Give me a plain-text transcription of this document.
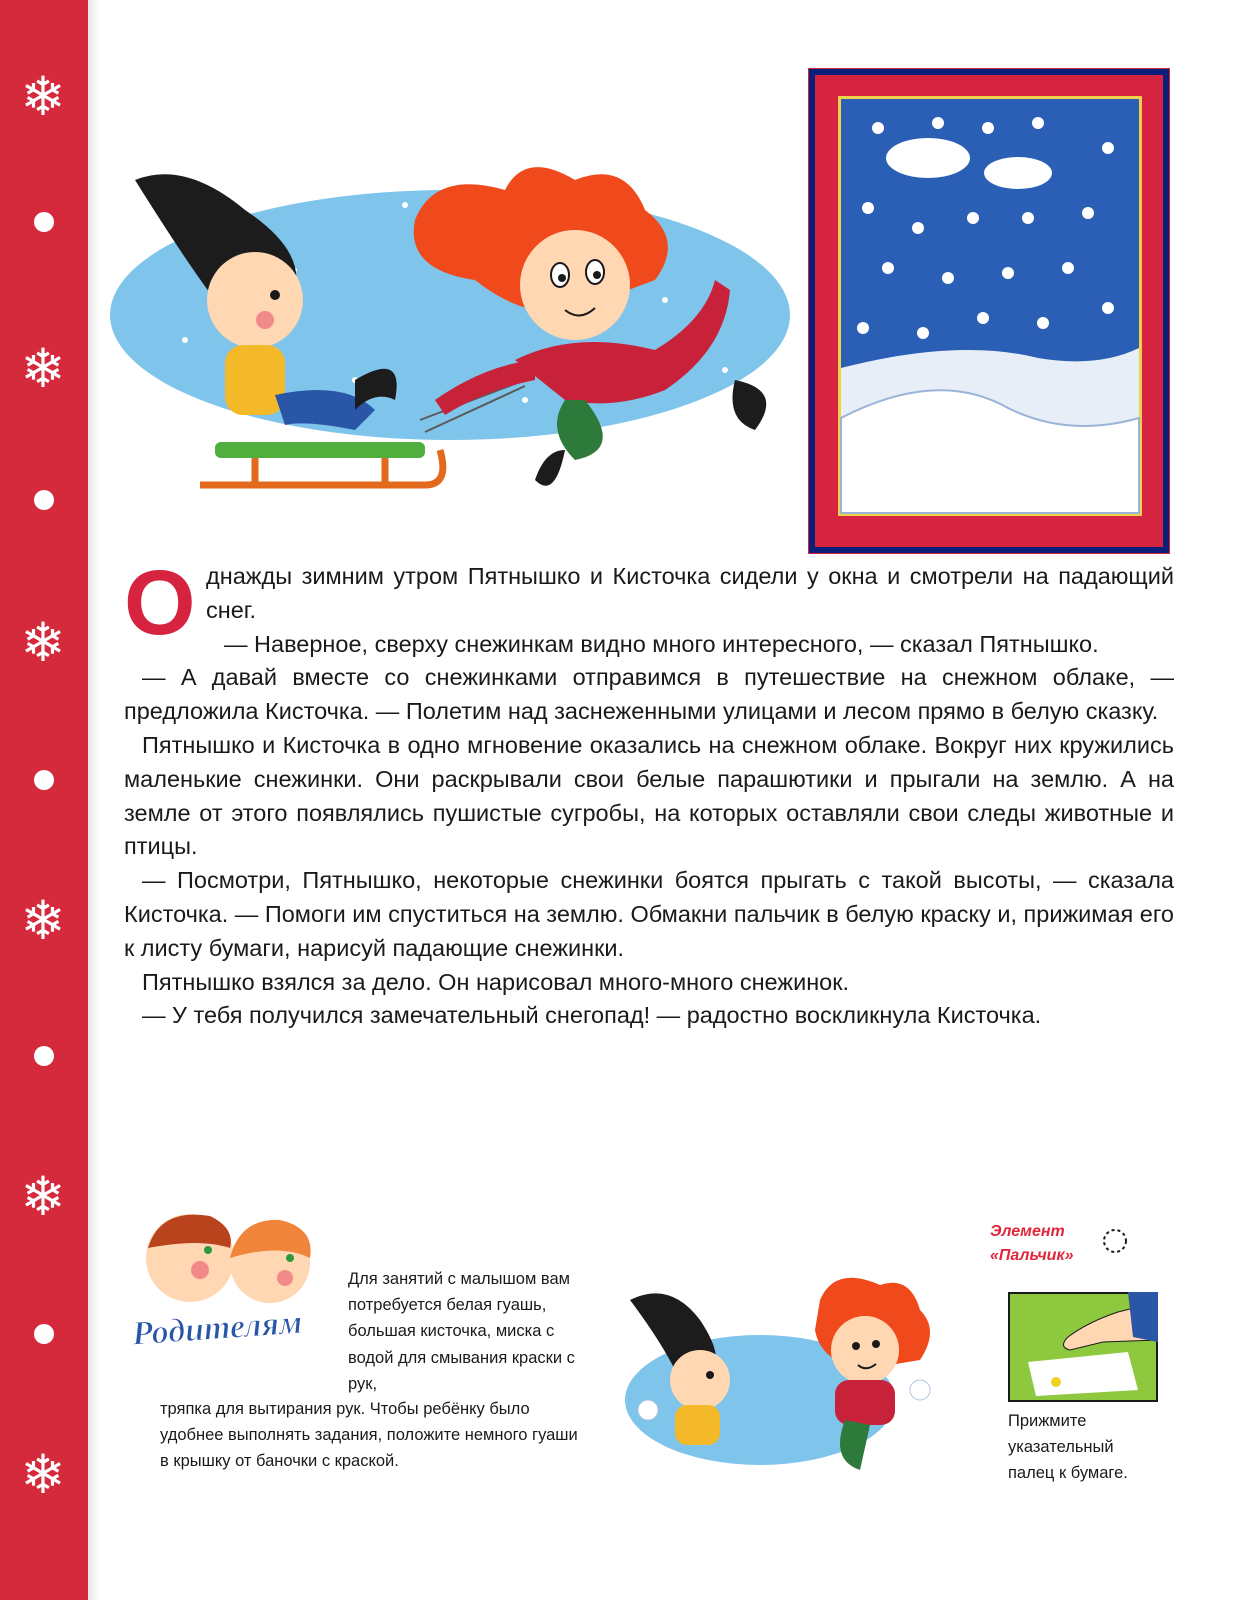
❄
❄
❄
❄
❄
❄
О днажды зимним утром Пятнышко и Кисточка сидели у окна и смотрели на падающий снег.

— Наверное, сверху снежинкам видно много интересного, — сказал Пятнышко.

— А давай вместе со снежинками отправимся в путешествие на снежном облаке, — предложила Кисточка. — Полетим над заснеженными улицами и лесом прямо в белую сказку.

Пятнышко и Кисточка в одно мгновение оказались на снежном облаке. Вокруг них кружились маленькие снежинки. Они раскрывали свои белые парашютики и прыгали на землю. А на земле от этого появлялись пушистые сугробы, на которых оставляли свои следы животные и птицы.

— Посмотри, Пятнышко, некоторые снежинки боятся прыгать с такой высоты, — сказала Кисточка. — Помоги им спуститься на землю. Обмакни пальчик в белую краску и, прижимая его к листу бумаги, нарисуй падающие снежинки.

Пятнышко взялся за дело. Он нарисовал много-много снежинок.

— У тебя получился замечательный снегопад! — радостно воскликнула Кисточка.

Родителям
Для занятий с малышом вам потребуется белая гуашь, большая кисточка, миска с водой для смывания краски с рук,
тряпка для вытирания рук. Чтобы ребёнку было удобнее выполнять задания, положите немного гуаши в крышку от баночки с краской.
Элемент
«Пальчик»
Прижмите указательный палец к бумаге.
